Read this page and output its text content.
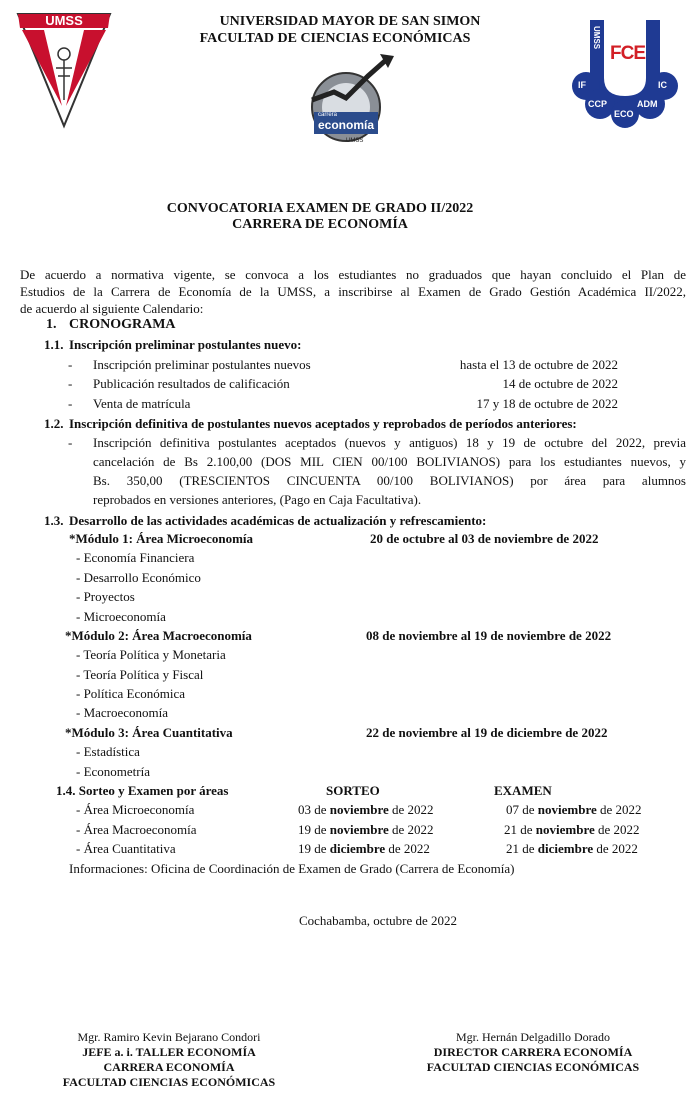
UMSS	UNIVERSIDAD MAYOR DE SAN SIMON
FACULTAD DE CIENCIAS ECONÓMICAS
carrera
economía
UMSS
UMSS
FCE
IF	IC
CCP	ADM
ECO
CONVOCATORIA EXAMEN DE GRADO II/2022
CARRERA DE ECONOMÍA
De acuerdo a normativa vigente, se convoca a los estudiantes no graduados que hayan concluido el Plan de
Estudios de la Carrera de Economía de la UMSS, a inscribirse al Examen de Grado Gestión Académica II/2022,
de acuerdo al siguiente Calendario:
1. CRONOGRAMA
1.1. Inscripción preliminar postulantes nuevo:
- Inscripción preliminar postulantes nuevos	hasta el 13 de octubre de 2022
- Publicación resultados de calificación	14 de octubre de 2022
- Venta de matrícula	17 y 18 de octubre de 2022
1.2. Inscripción definitiva de postulantes nuevos aceptados y reprobados de períodos anteriores:
- Inscripción definitiva postulantes aceptados (nuevos y antiguos) 18 y 19 de octubre del 2022, previa
cancelación de Bs 2.100,00 (DOS MIL CIEN 00/100 BOLIVIANOS) para los estudiantes nuevos, y
Bs. 350,00 (TRESCIENTOS CINCUENTA 00/100 BOLIVIANOS) por área para alumnos
reprobados en versiones anteriores, (Pago en Caja Facultativa).
1.3. Desarrollo de las actividades académicas de actualización y refrescamiento:
*Módulo 1: Área Microeconomía	20 de octubre al 03 de noviembre de 2022
- Economía Financiera
- Desarrollo Económico
- Proyectos
- Microeconomía
*Módulo 2: Área Macroeconomía	08 de noviembre al 19 de noviembre de 2022
- Teoría Política y Monetaria
- Teoría Política y Fiscal
- Política Económica
- Macroeconomía
*Módulo 3: Área Cuantitativa	22 de noviembre al 19 de diciembre de 2022
- Estadística
- Econometría
1.4. Sorteo y Examen por áreas	SORTEO	EXAMEN
- Área Microeconomía	03 de noviembre de 2022	07 de noviembre de 2022
- Área Macroeconomía	19 de noviembre de 2022	21 de noviembre de 2022
- Área Cuantitativa	19 de diciembre de 2022	21 de diciembre de 2022
Informaciones: Oficina de Coordinación de Examen de Grado (Carrera de Economía)
Cochabamba, octubre de 2022
Mgr. Ramiro Kevin Bejarano Condori
JEFE a. i. TALLER ECONOMÍA
CARRERA ECONOMÍA
FACULTAD CIENCIAS ECONÓMICAS
Mgr. Hernán Delgadillo Dorado
DIRECTOR CARRERA ECONOMÍA
FACULTAD CIENCIAS ECONÓMICAS
